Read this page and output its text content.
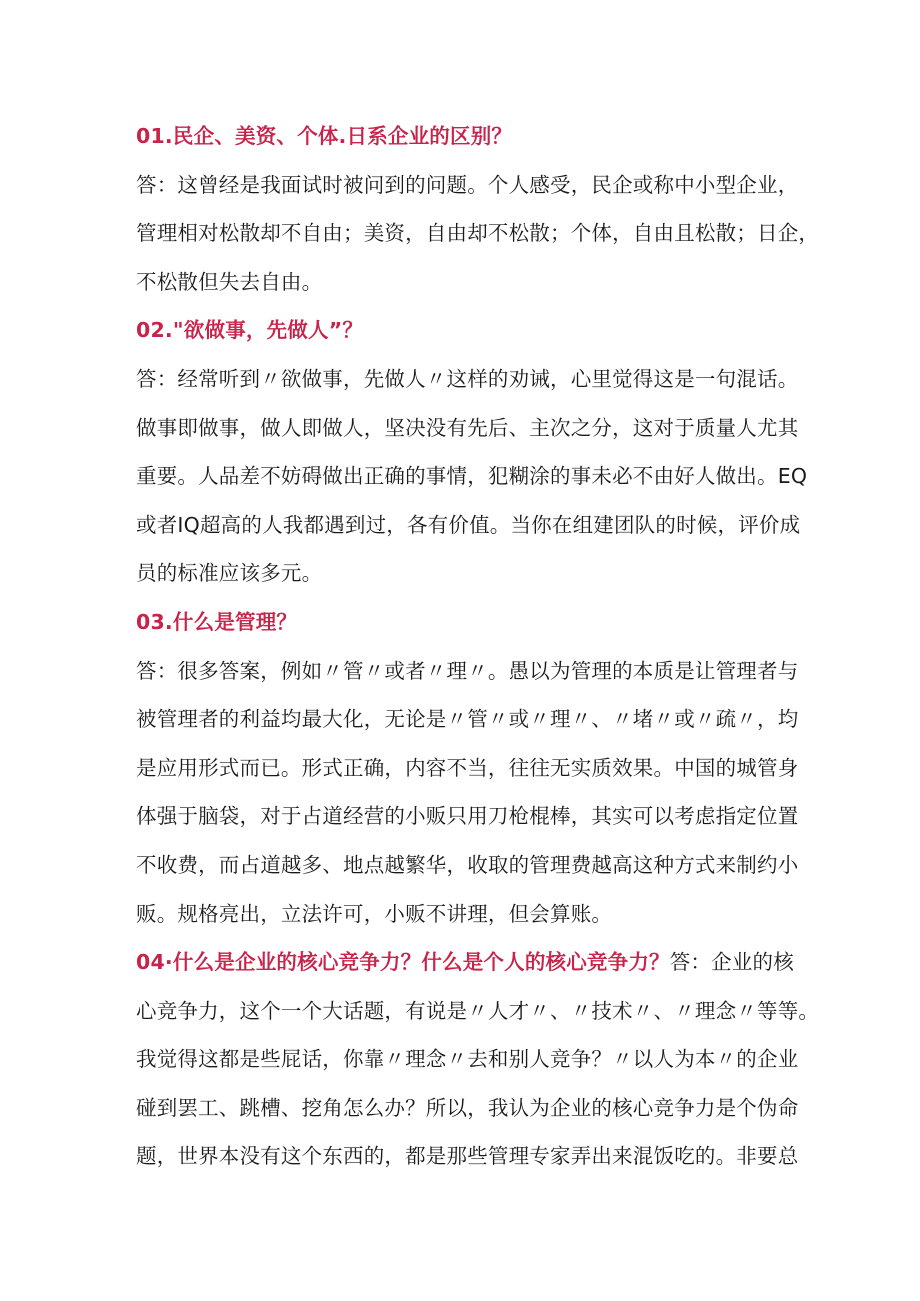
01.民企、美资、个体.日系企业的区别？
答：这曾经是我面试时被问到的问题。个人感受，民企或称中小型企业，
管理相对松散却不自由；美资，自由却不松散；个体，自由且松散；日企，
不松散但失去自由。
02."欲做事，先做人”？
答：经常听到〃欲做事，先做人〃这样的劝诫，心里觉得这是一句混话。
做事即做事，做人即做人，坚决没有先后、主次之分，这对于质量人尤其
重要。人品差不妨碍做出正确的事情，犯糊涂的事未必不由好人做出。EQ
或者IQ超高的人我都遇到过，各有价值。当你在组建团队的时候，评价成
员的标准应该多元。
03.什么是管理？
答：很多答案，例如〃管〃或者〃理〃。愚以为管理的本质是让管理者与
被管理者的利益均最大化，无论是〃管〃或〃理〃、〃堵〃或〃疏〃，均
是应用形式而已。形式正确，内容不当，往往无实质效果。中国的城管身
体强于脑袋，对于占道经营的小贩只用刀枪棍棒，其实可以考虑指定位置
不收费，而占道越多、地点越繁华，收取的管理费越高这种方式来制约小
贩。规格亮出，立法许可，小贩不讲理，但会算账。
04·什么是企业的核心竞争力？什么是个人的核心竞争力？答：企业的核
心竞争力，这个一个大话题，有说是〃人才〃、〃技术〃、〃理念〃等等。
我觉得这都是些屁话，你靠〃理念〃去和别人竞争？〃以人为本〃的企业
碰到罢工、跳槽、挖角怎么办？所以，我认为企业的核心竞争力是个伪命
题，世界本没有这个东西的，都是那些管理专家弄出来混饭吃的。非要总
